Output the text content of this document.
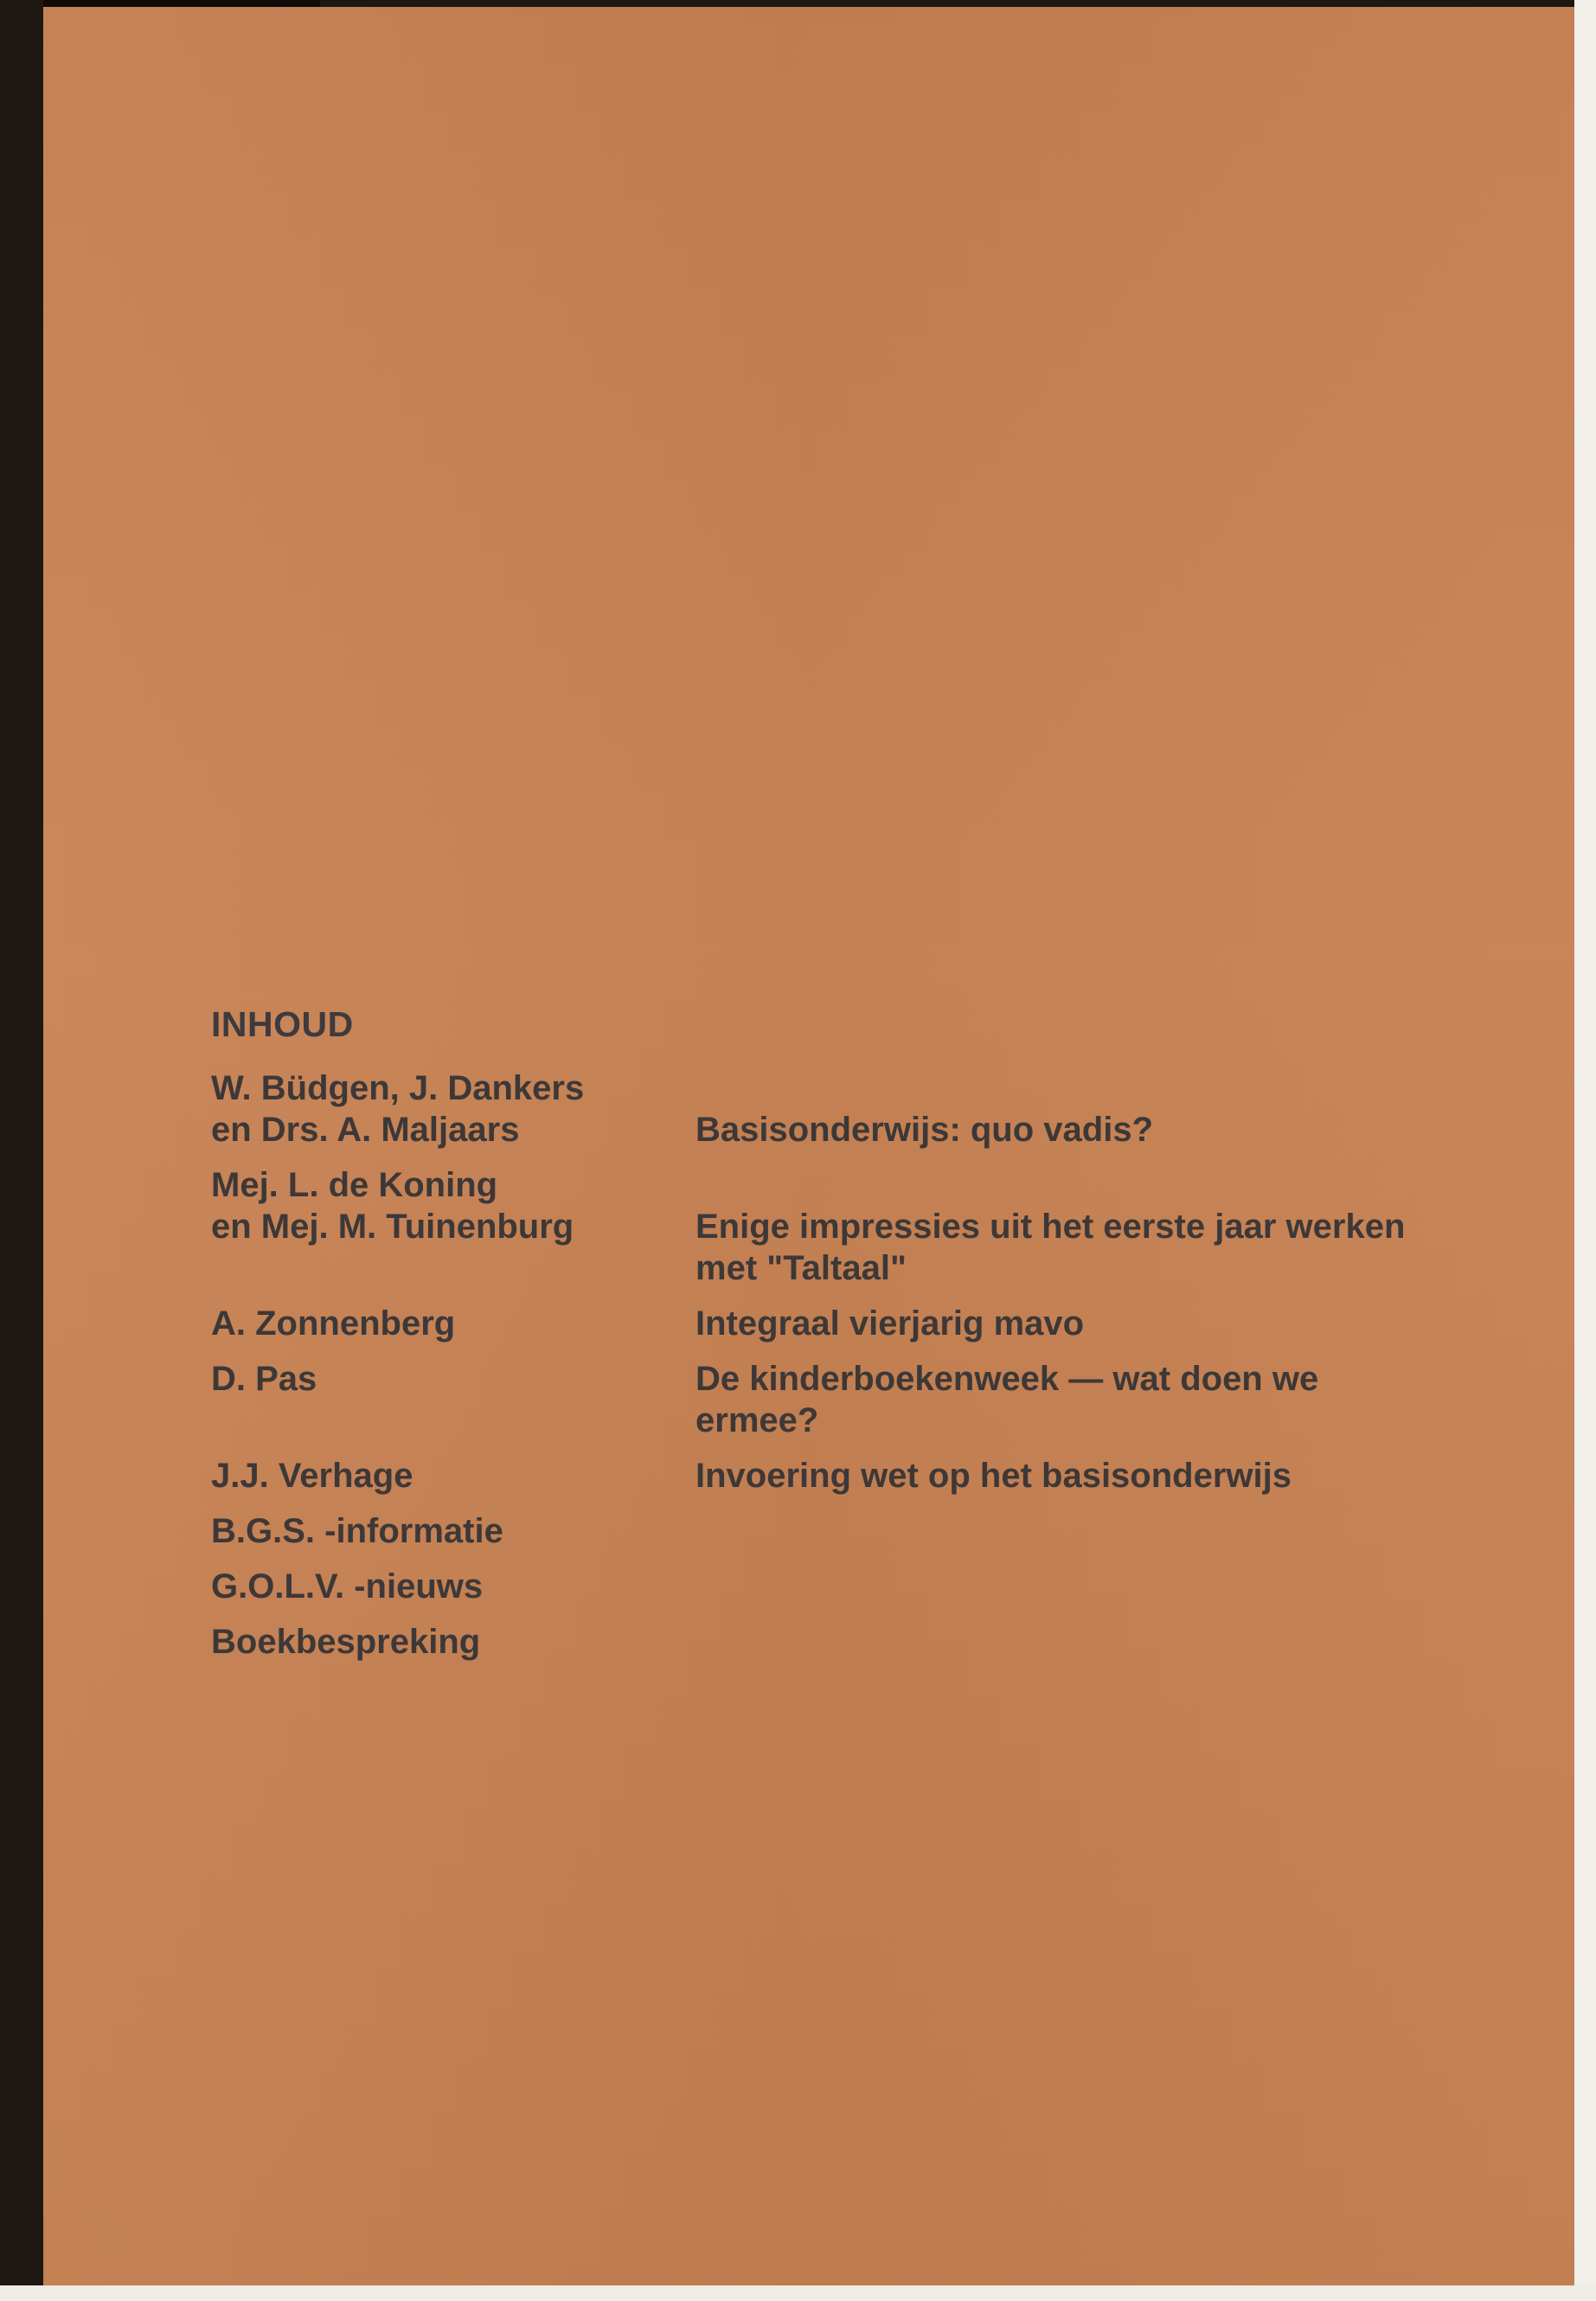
INHOUD
W. Büdgen, J. Dankers
en Drs. A. Maljaars	Basisonderwijs: quo vadis?
Mej. L. de Koning
en Mej. M. Tuinenburg	Enige impressies uit het eerste jaar werken
met "Taltaal"
A. Zonnenberg	Integraal vierjarig mavo
D. Pas	De kinderboekenweek — wat doen we
ermee?
J.J. Verhage	Invoering wet op het basisonderwijs
B.G.S. -informatie
G.O.L.V. -nieuws
Boekbespreking
